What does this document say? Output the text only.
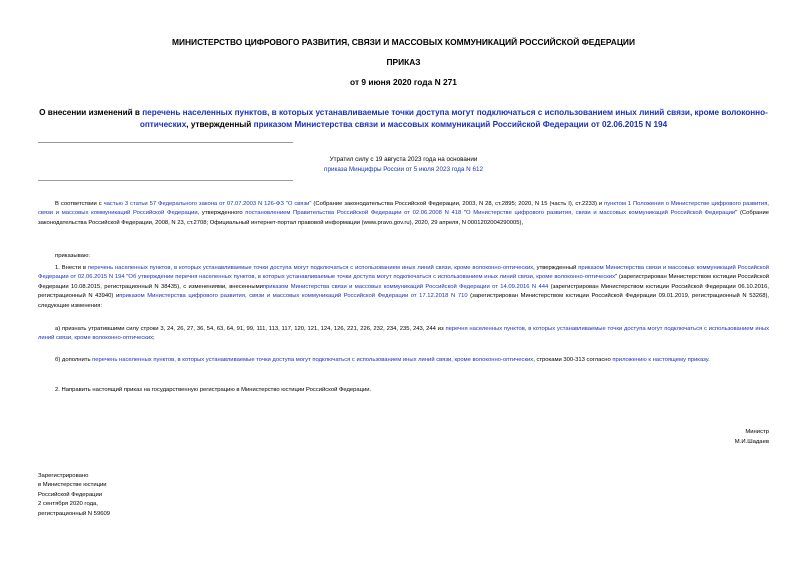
МИНИСТЕРСТВО ЦИФРОВОГО РАЗВИТИЯ, СВЯЗИ И МАССОВЫХ КОММУНИКАЦИЙ РОССИЙСКОЙ ФЕДЕРАЦИИ
ПРИКАЗ
от 9 июня 2020 года N 271
О внесении изменений в перечень населенных пунктов, в которых устанавливаемые точки доступа могут подключаться с использованием иных линий связи, кроме волоконно-оптических, утвержденный приказом Министерства связи и массовых коммуникаций Российской Федерации от 02.06.2015 N 194
Утратил силу с 19 августа 2023 года на основании
приказа Минцифры России от 5 июля 2023 года N 612

В соответствии с частью 3 статьи 57 Федерального закона от 07.07.2003 N 126-ФЗ "О связи" (Собрание законодательства Российской Федерации, 2003, N 28, ст.2895; 2020, N 15 (часть I), ст.2233) и пунктом 1 Положения о Министерстве цифрового развития, связи и массовых коммуникаций Российской Федерации, утвержденного постановлением Правительства Российской Федерации от 02.06.2008 N 418 "О Министерстве цифрового развития, связи и массовых коммуникаций Российской Федерации" (Собрание законодательства Российской Федерации, 2008, N 23, ст.2708; Официальный интернет-портал правовой информации (www.pravo.gov.ru), 2020, 29 апреля, N 0001202004290005),

приказываю:

1. Внести в перечень населенных пунктов, в которых устанавливаемые точки доступа могут подключаться с использованием иных линий связи, кроме волоконно-оптических, утвержденный приказом Министерства связи и массовых коммуникаций Российской Федерации от 02.06.2015 N 194 "Об утверждении перечня населенных пунктов, в которых устанавливаемые точки доступа могут подключаться с использованием иных линий связи, кроме волоконно-оптических" (зарегистрирован Министерством юстиции Российской Федерации 10.08.2015, регистрационный N 38435), с изменениями, внесеннымиприказом Министерства связи и массовых коммуникаций Российской Федерации от 14.09.2016 N 444 (зарегистрирован Министерством юстиции Российской Федерации 06.10.2016, регистрационный N 43940) иприказом Министерства цифрового развития, связи и массовых коммуникаций Российской Федерации от 17.12.2018 N 710 (зарегистрирован Министерством юстиции Российской Федерации 09.01.2019, регистрационный N 53268), следующие изменения:

а) признать утратившими силу строки 3, 24, 26, 27, 36, 54, 63, 64, 91, 99, 111, 113, 117, 120, 121, 124, 126, 221, 226, 232, 234, 235, 243, 244 из перечня населенных пунктов, в которых устанавливаемые точки доступа могут подключаться с использованием иных линий связи, кроме волоконно-оптических;

б) дополнить перечень населенных пунктов, в которых устанавливаемые точки доступа могут подключаться с использованием иных линий связи, кроме волоконно-оптических, строками 300-313 согласно приложению к настоящему приказу.

2. Направить настоящий приказ на государственную регистрацию в Министерство юстиции Российской Федерации.

Министр
М.И.Шадаев
Зарегистрировано
в Министерстве юстиции
Российской Федерации
2 сентября 2020 года,
регистрационный N 59609
